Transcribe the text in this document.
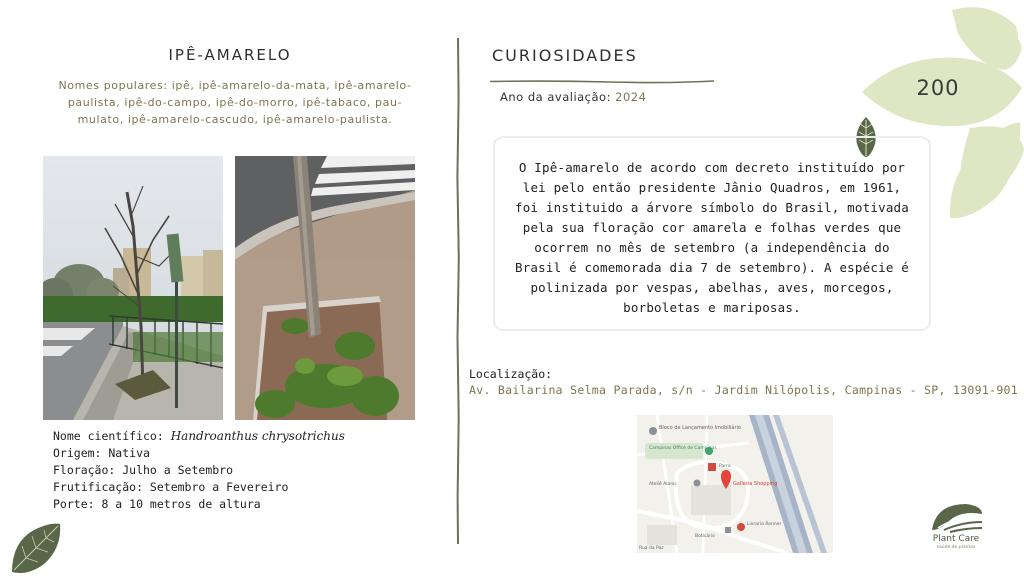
IPÊ-AMARELO
Nomes populares: ipê, ipê-amarelo-da-mata, ipê-amarelo-paulista, ipê-do-campo, ipê-do-morro, ipê-tabaco, pau-mulato, ipê-amarelo-cascudo, ipê-amarelo-paulista.
Nome científico: Handroanthus chrysotrichus
Origem: Nativa
Floração: Julho a Setembro
Frutificação: Setembro a Fevereiro
Porte: 8 a 10 metros de altura
CURIOSIDADES
Ano da avaliação: 2024	200

O Ipê-amarelo de acordo com decreto instituído por lei pelo então presidente Jânio Quadros, em 1961, foi instituido a árvore símbolo do Brasil, motivada pela sua floração cor amarela e folhas verdes que ocorrem no mês de setembro (a independência do Brasil é comemorada dia 7 de setembro). A espécie é polinizada por vespas, abelhas, aves, morcegos, borboletas e mariposas.

Localização:
Av. Bailarina Selma Parada, s/n - Jardim Nilópolis, Campinas - SP, 13091-901
Bloco de Lançamento Imobiliário
Campinas Office de Campinas
Parra
Galleria Shopping
Ateliê Alanis
Livraria Renner
Boticário
Rua da Paz
Plant Care
saúde de plantas
